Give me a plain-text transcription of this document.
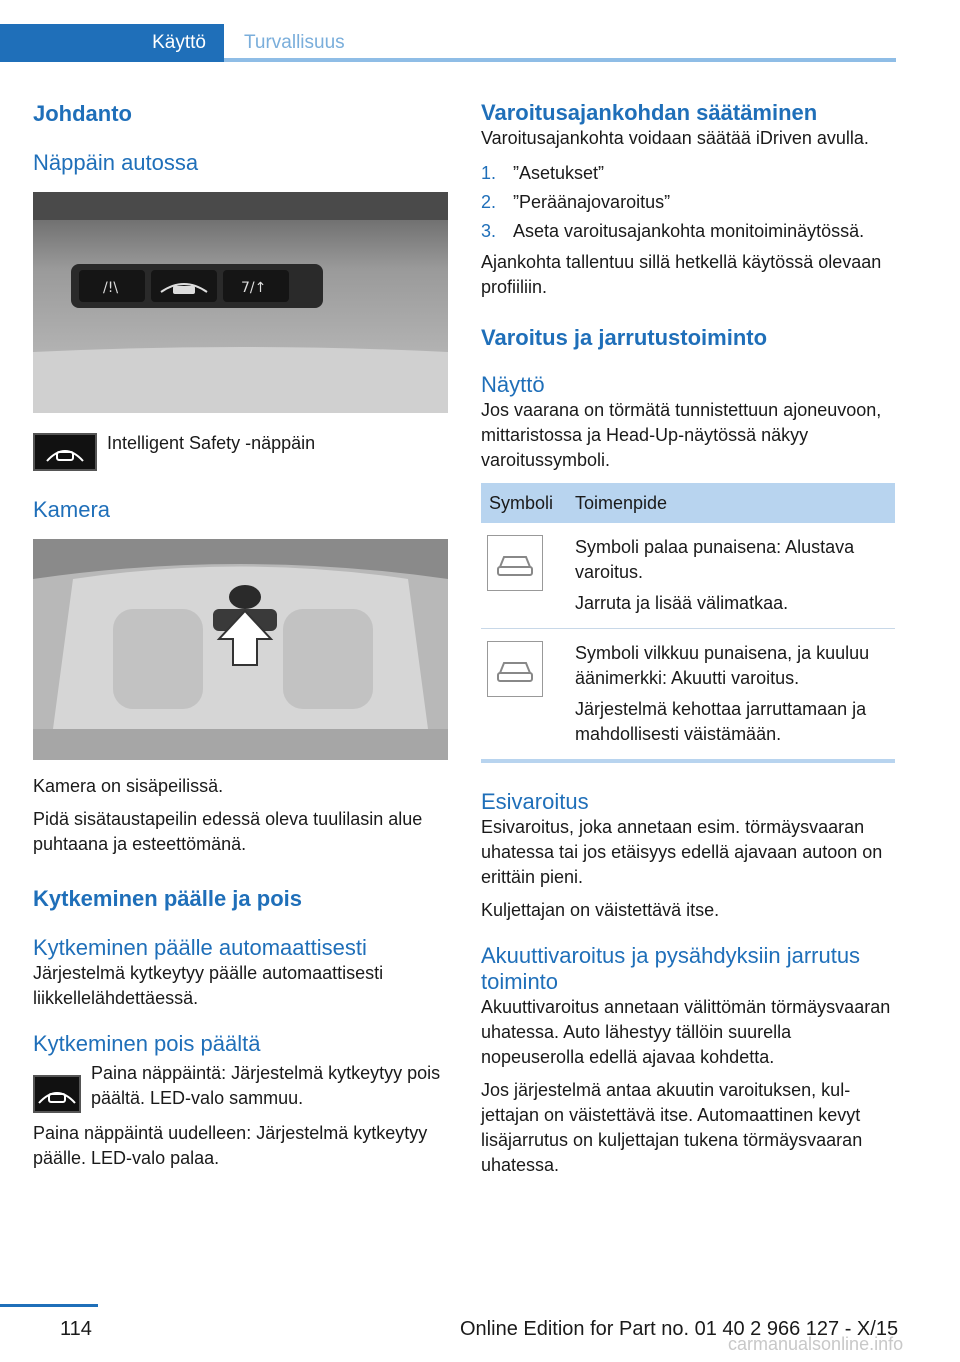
Käyttö Turvallisuus
Johdanto
Näppäin autossa
/!\	7/↑

Intelligent Safety -näppäin

Kamera

Kamera on sisäpeilissä.

Pidä sisätaustapeilin edessä oleva tuulilasin alue puhtaana ja esteettömänä.

Kytkeminen päälle ja pois
Kytkeminen päälle automaattisesti

Järjestelmä kytkeytyy päälle automaattisesti liikkellelähdettäessä.

Kytkeminen pois päältä

Paina näppäintä: Järjestelmä kytkeytyy pois päältä. LED-valo sammuu.

Paina näppäintä uudelleen: Järjestelmä kytkeytyy päälle. LED-valo palaa.

Varoitusajankohdan säätäminen

Varoitusajankohta voidaan säätää iDriven avulla.

1. ”Asetukset”
2. ”Peräänajovaroitus”
3. Aseta varoitusajankohta monitoiminäytössä.

Ajankohta tallentuu sillä hetkellä käytössä olevaan profiiliin.

Varoitus ja jarrutustoiminto
Näyttö

Jos vaarana on törmätä tunnistettuun ajoneuvoon, mittaristossa ja Head-Up-näytössä näkyy varoitussymboli.

Symboli	Toimenpide

Symboli palaa punaisena: Alustava varoitus.
Jarruta ja lisää välimatkaa.

Symboli vilkkuu punaisena, ja kuuluu äänimerkki: Akuutti varoitus.
Järjestelmä kehottaa jarruttamaan ja mahdollisesti väistämään.
Esivaroitus

Esivaroitus, joka annetaan esim. törmäysvaaran uhatessa tai jos etäisyys edellä ajavaan autoon on erittäin pieni.

Kuljettajan on väistettävä itse.

Akuuttivaroitus ja pysähdyksiin jarrutus toiminto

Akuuttivaroitus annetaan välittömän törmäysvaaran uhatessa. Auto lähestyy tällöin suurella nopeuserolla edellä ajavaa kohdetta.

Jos järjestelmä antaa akuutin varoituksen, kuljettajan on väistettävä itse. Automaattinen kevyt lisäjarrutus on kuljettajan tukena törmäysvaaran uhatessa.

114	Online Edition for Part no. 01 40 2 966 127 - X/15
carmanualsonline.info
